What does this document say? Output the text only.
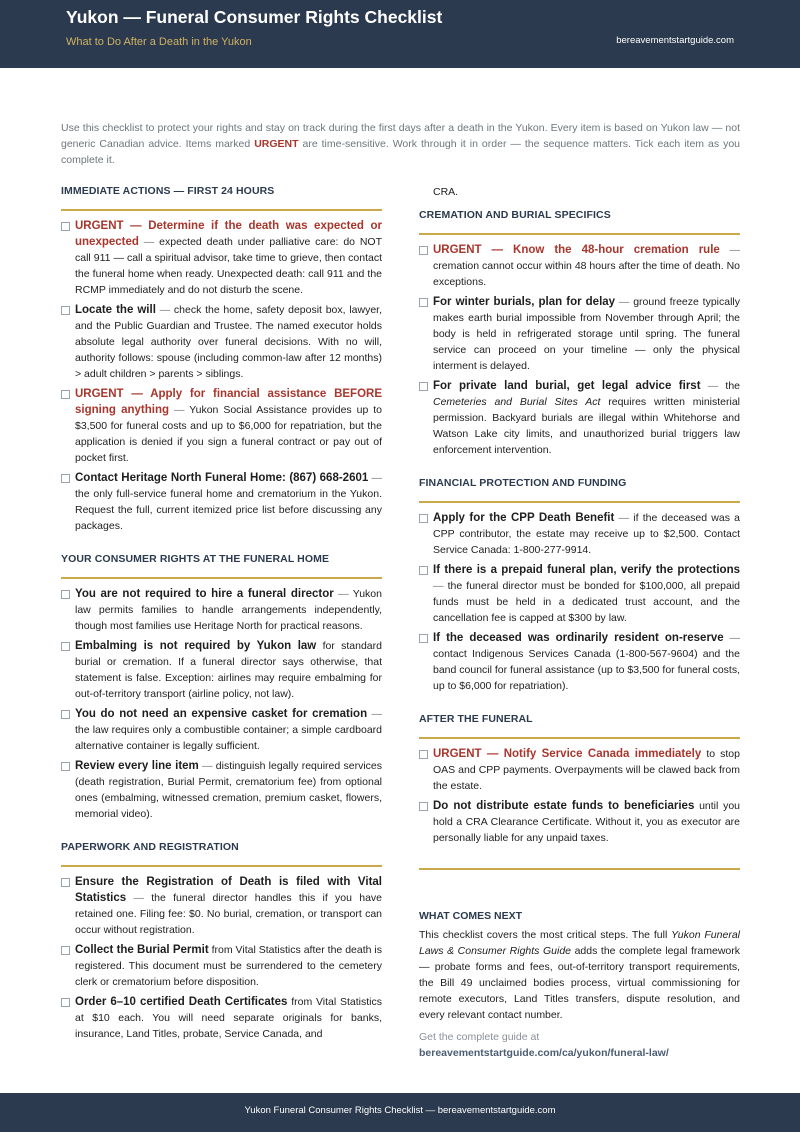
Yukon — Funeral Consumer Rights Checklist
What to Do After a Death in the Yukon	bereavementstartguide.com
Use this checklist to protect your rights and stay on track during the first days after a death in the Yukon. Every item is based on Yukon law — not generic Canadian advice. Items marked URGENT are time-sensitive. Work through it in order — the sequence matters. Tick each item as you complete it.
IMMEDIATE ACTIONS — FIRST 24 HOURS
URGENT — Determine if the death was expected or unexpected — expected death under palliative care: do NOT call 911 — call a spiritual advisor, take time to grieve, then contact the funeral home when ready. Unexpected death: call 911 and the RCMP immediately and do not disturb the scene.
Locate the will — check the home, safety deposit box, lawyer, and the Public Guardian and Trustee. The named executor holds absolute legal authority over funeral decisions. With no will, authority follows: spouse (including common-law after 12 months) > adult children > parents > siblings.
URGENT — Apply for financial assistance BEFORE signing anything — Yukon Social Assistance provides up to $3,500 for funeral costs and up to $6,000 for repatriation, but the application is denied if you sign a funeral contract or pay out of pocket first.
Contact Heritage North Funeral Home: (867) 668-2601 — the only full-service funeral home and crematorium in the Yukon. Request the full, current itemized price list before discussing any packages.
YOUR CONSUMER RIGHTS AT THE FUNERAL HOME
You are not required to hire a funeral director — Yukon law permits families to handle arrangements independently, though most families use Heritage North for practical reasons.
Embalming is not required by Yukon law for standard burial or cremation. If a funeral director says otherwise, that statement is false. Exception: airlines may require embalming for out-of-territory transport (airline policy, not law).
You do not need an expensive casket for cremation — the law requires only a combustible container; a simple cardboard alternative container is legally sufficient.
Review every line item — distinguish legally required services (death registration, Burial Permit, crematorium fee) from optional ones (embalming, witnessed cremation, premium casket, flowers, memorial video).
PAPERWORK AND REGISTRATION
Ensure the Registration of Death is filed with Vital Statistics — the funeral director handles this if you have retained one. Filing fee: $0. No burial, cremation, or transport can occur without registration.
Collect the Burial Permit from Vital Statistics after the death is registered. This document must be surrendered to the cemetery clerk or crematorium before disposition.
Order 6–10 certified Death Certificates from Vital Statistics at $10 each. You will need separate originals for banks, insurance, Land Titles, probate, Service Canada, and
CRA.
CREMATION AND BURIAL SPECIFICS
URGENT — Know the 48-hour cremation rule — cremation cannot occur within 48 hours after the time of death. No exceptions.
For winter burials, plan for delay — ground freeze typically makes earth burial impossible from November through April; the body is held in refrigerated storage until spring. The funeral service can proceed on your timeline — only the physical interment is delayed.
For private land burial, get legal advice first — the Cemeteries and Burial Sites Act requires written ministerial permission. Backyard burials are illegal within Whitehorse and Watson Lake city limits, and unauthorized burial triggers law enforcement intervention.
FINANCIAL PROTECTION AND FUNDING
Apply for the CPP Death Benefit — if the deceased was a CPP contributor, the estate may receive up to $2,500. Contact Service Canada: 1-800-277-9914.
If there is a prepaid funeral plan, verify the protections — the funeral director must be bonded for $100,000, all prepaid funds must be held in a dedicated trust account, and the cancellation fee is capped at $300 by law.
If the deceased was ordinarily resident on-reserve — contact Indigenous Services Canada (1-800-567-9604) and the band council for funeral assistance (up to $3,500 for funeral costs, up to $6,000 for repatriation).
AFTER THE FUNERAL
URGENT — Notify Service Canada immediately to stop OAS and CPP payments. Overpayments will be clawed back from the estate.
Do not distribute estate funds to beneficiaries until you hold a CRA Clearance Certificate. Without it, you as executor are personally liable for any unpaid taxes.
WHAT COMES NEXT
This checklist covers the most critical steps. The full Yukon Funeral Laws & Consumer Rights Guide adds the complete legal framework — probate forms and fees, out-of-territory transport requirements, the Bill 49 unclaimed bodies process, virtual commissioning for remote executors, Land Titles transfers, dispute resolution, and every relevant contact number.
Get the complete guide at
bereavementstartguide.com/ca/yukon/funeral-law/
Yukon Funeral Consumer Rights Checklist — bereavementstartguide.com
